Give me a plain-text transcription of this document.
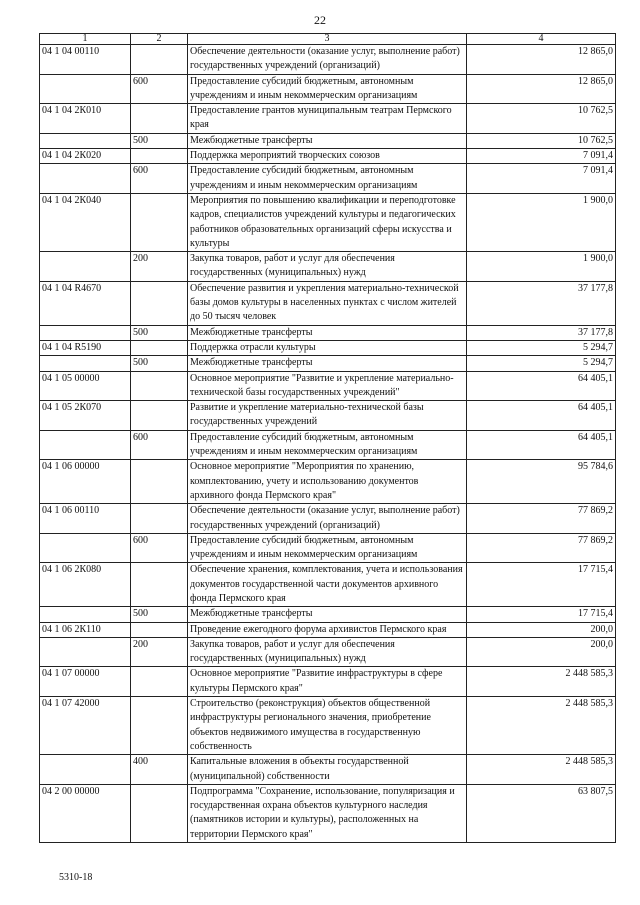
22
1	2	3	4
04 1 04 00110		Обеспечение деятельности (оказание услуг, выполнение работ) государственных учреждений (организаций)	12 865,0
	600	Предоставление субсидий бюджетным, автономным учреждениям и иным некоммерческим организациям	12 865,0
04 1 04 2К010		Предоставление грантов муниципальным театрам Пермского края	10 762,5
	500	Межбюджетные трансферты	10 762,5
04 1 04 2К020		Поддержка мероприятий творческих союзов	7 091,4
	600	Предоставление субсидий бюджетным, автономным учреждениям и иным некоммерческим организациям	7 091,4
04 1 04 2К040		Мероприятия по повышению квалификации и переподготовке кадров, специалистов учреждений культуры и педагогических работников образовательных организаций сферы искусства и культуры	1 900,0
	200	Закупка товаров, работ и услуг для обеспечения государственных (муниципальных) нужд	1 900,0
04 1 04 R4670		Обеспечение развития и укрепления материально-технической базы домов культуры в населенных пунктах с числом жителей до 50 тысяч человек	37 177,8
	500	Межбюджетные трансферты	37 177,8
04 1 04 R5190		Поддержка отрасли культуры	5 294,7
	500	Межбюджетные трансферты	5 294,7
04 1 05 00000		Основное мероприятие "Развитие и укрепление материально-технической базы государственных учреждений"	64 405,1
04 1 05 2К070		Развитие и укрепление материально-технической базы государственных учреждений	64 405,1
	600	Предоставление субсидий бюджетным, автономным учреждениям и иным некоммерческим организациям	64 405,1
04 1 06 00000		Основное мероприятие "Мероприятия по хранению, комплектованию, учету и использованию документов архивного фонда Пермского края"	95 784,6
04 1 06 00110		Обеспечение деятельности (оказание услуг, выполнение работ) государственных учреждений (организаций)	77 869,2
	600	Предоставление субсидий бюджетным, автономным учреждениям и иным некоммерческим организациям	77 869,2
04 1 06 2К080		Обеспечение хранения, комплектования, учета и использования документов государственной части документов архивного фонда Пермского края	17 715,4
	500	Межбюджетные трансферты	17 715,4
04 1 06 2К110		Проведение ежегодного форума архивистов Пермского края	200,0
	200	Закупка товаров, работ и услуг для обеспечения государственных (муниципальных) нужд	200,0
04 1 07 00000		Основное мероприятие "Развитие инфраструктуры в сфере культуры Пермского края"	2 448 585,3
04 1 07 42000		Строительство (реконструкция) объектов общественной инфраструктуры регионального значения, приобретение объектов недвижимого имущества в государственную собственность	2 448 585,3
	400	Капитальные вложения в объекты государственной (муниципальной) собственности	2 448 585,3
04 2 00 00000		Подпрограмма "Сохранение, использование, популяризация и государственная охрана объектов культурного наследия (памятников истории и культуры), расположенных на территории Пермского края"	63 807,5
5310-18
